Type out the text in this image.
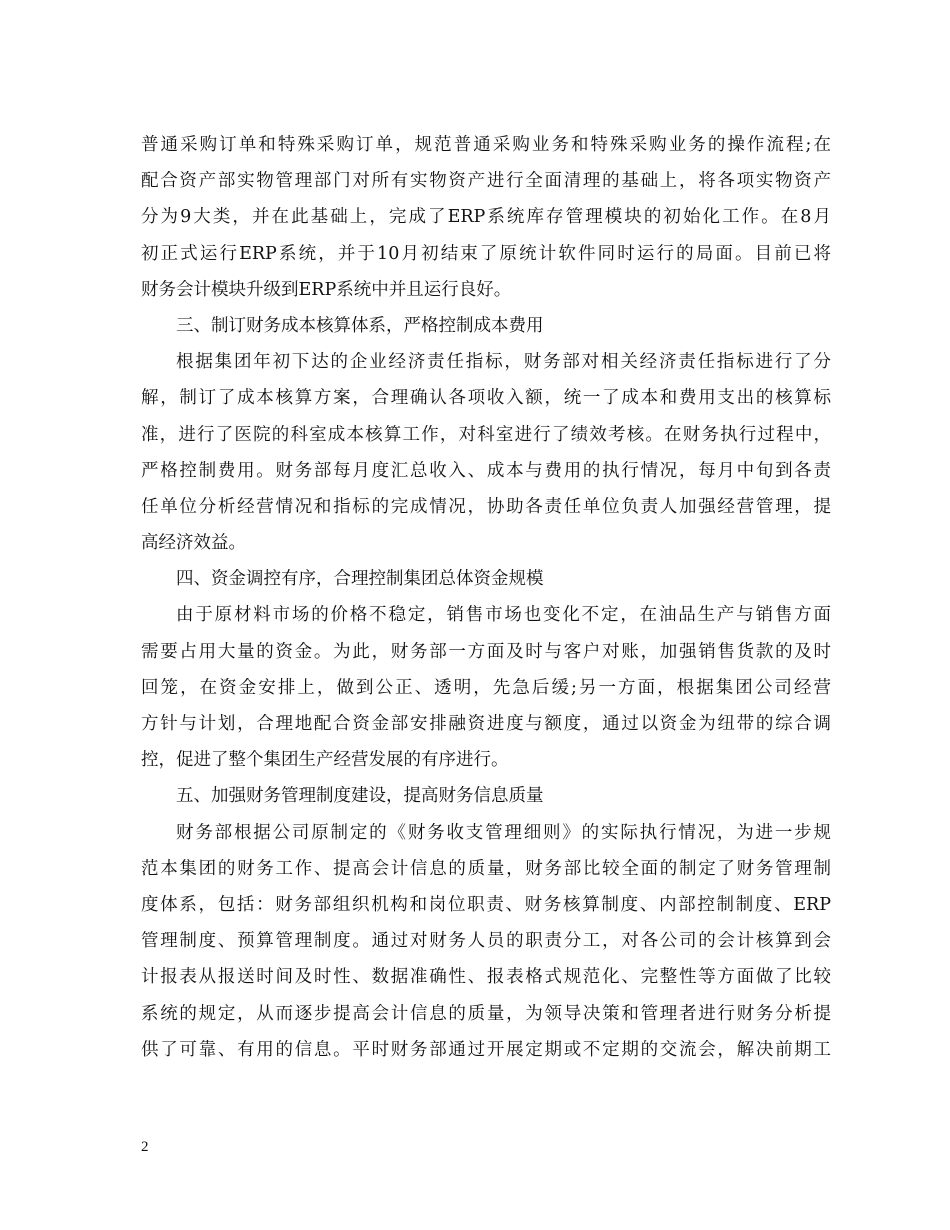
普通采购订单和特殊采购订单，规范普通采购业务和特殊采购业务的操作流程;在
配合资产部实物管理部门对所有实物资产进行全面清理的基础上，将各项实物资产
分为9大类，并在此基础上，完成了ERP系统库存管理模块的初始化工作。在8月
初正式运行ERP系统，并于10月初结束了原统计软件同时运行的局面。目前已将
财务会计模块升级到ERP系统中并且运行良好。
三、制订财务成本核算体系，严格控制成本费用
根据集团年初下达的企业经济责任指标，财务部对相关经济责任指标进行了分
解，制订了成本核算方案，合理确认各项收入额，统一了成本和费用支出的核算标
准，进行了医院的科室成本核算工作，对科室进行了绩效考核。在财务执行过程中，
严格控制费用。财务部每月度汇总收入、成本与费用的执行情况，每月中旬到各责
任单位分析经营情况和指标的完成情况，协助各责任单位负责人加强经营管理，提
高经济效益。
四、资金调控有序，合理控制集团总体资金规模
由于原材料市场的价格不稳定，销售市场也变化不定，在油品生产与销售方面
需要占用大量的资金。为此，财务部一方面及时与客户对账，加强销售货款的及时
回笼，在资金安排上，做到公正、透明，先急后缓;另一方面，根据集团公司经营
方针与计划，合理地配合资金部安排融资进度与额度，通过以资金为纽带的综合调
控，促进了整个集团生产经营发展的有序进行。
五、加强财务管理制度建设，提高财务信息质量
财务部根据公司原制定的《财务收支管理细则》的实际执行情况，为进一步规
范本集团的财务工作、提高会计信息的质量，财务部比较全面的制定了财务管理制
度体系，包括：财务部组织机构和岗位职责、财务核算制度、内部控制制度、ERP
管理制度、预算管理制度。通过对财务人员的职责分工，对各公司的会计核算到会
计报表从报送时间及时性、数据准确性、报表格式规范化、完整性等方面做了比较
系统的规定，从而逐步提高会计信息的质量，为领导决策和管理者进行财务分析提
供了可靠、有用的信息。平时财务部通过开展定期或不定期的交流会，解决前期工
2
